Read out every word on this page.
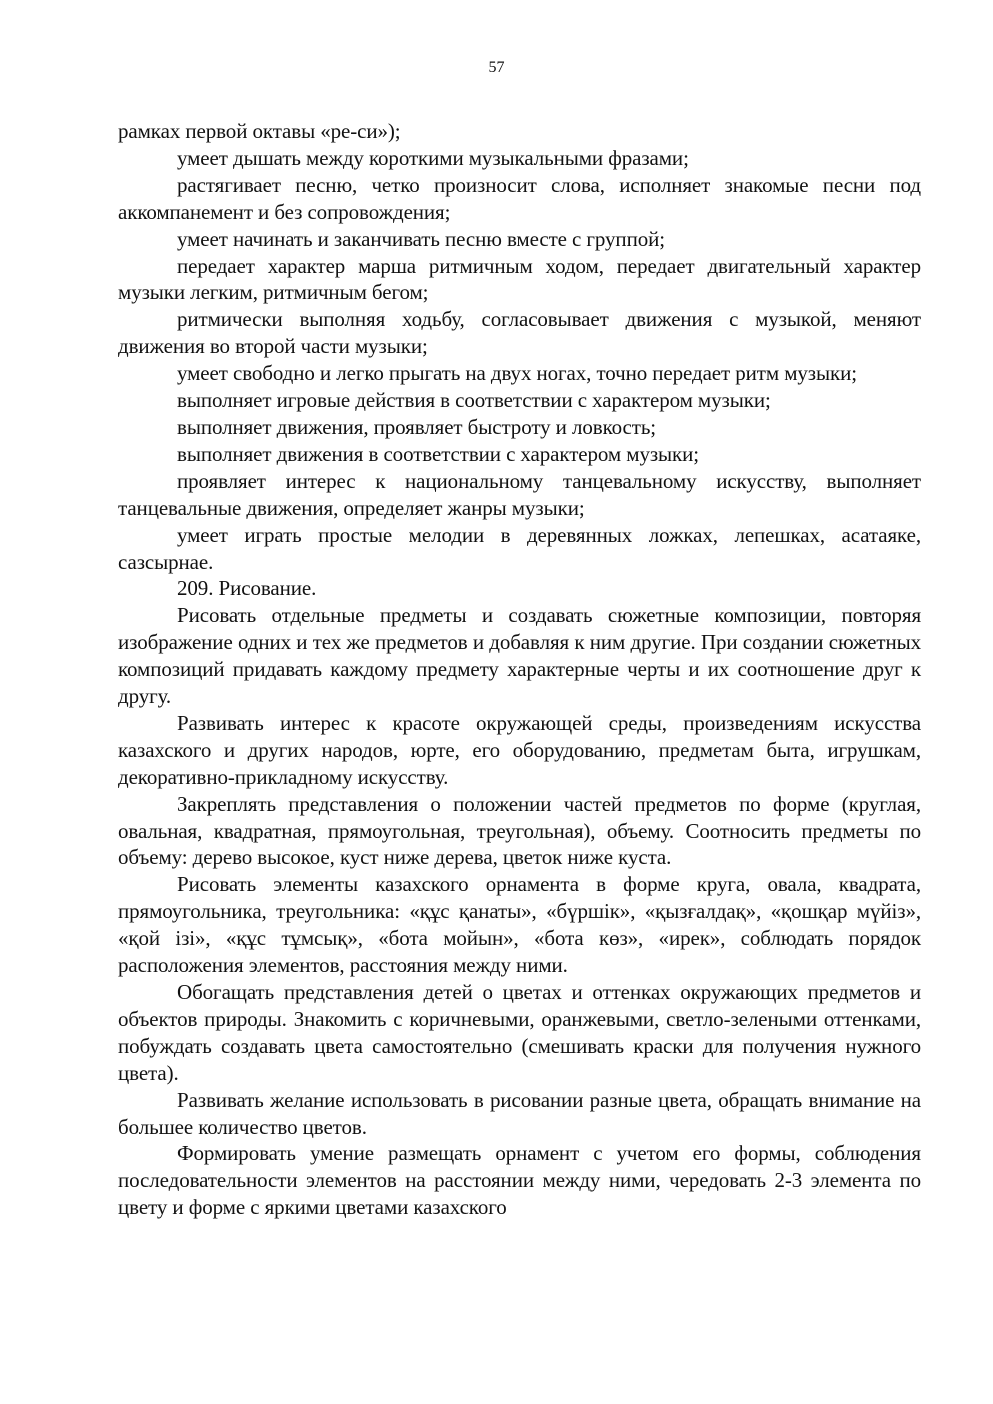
57

рамках первой октавы «ре-си»);

умеет дышать между короткими музыкальными фразами;

растягивает песню, четко произносит слова, исполняет знакомые песни под аккомпанемент и без сопровождения;

умеет начинать и заканчивать песню вместе с группой;

передает характер марша ритмичным ходом, передает двигательный характер музыки легким, ритмичным бегом;

ритмически выполняя ходьбу, согласовывает движения с музыкой, меняют движения во второй части музыки;

умеет свободно и легко прыгать на двух ногах, точно передает ритм музыки;

выполняет игровые действия в соответствии с характером музыки;

выполняет движения, проявляет быстроту и ловкость;

выполняет движения в соответствии с характером музыки;

проявляет интерес к национальному танцевальному искусству, выполняет танцевальные движения, определяет жанры музыки;

умеет играть простые мелодии в деревянных ложках, лепешках, асатаяке, сазсырнае.

209. Рисование.

Рисовать отдельные предметы и создавать сюжетные композиции, повторяя изображение одних и тех же предметов и добавляя к ним другие. При создании сюжетных композиций придавать каждому предмету характерные черты и их соотношение друг к другу.

Развивать интерес к красоте окружающей среды, произведениям искусства казахского и других народов, юрте, его оборудованию, предметам быта, игрушкам, декоративно-прикладному искусству.

Закреплять представления о положении частей предметов по форме (круглая, овальная, квадратная, прямоугольная, треугольная), объему. Соотносить предметы по объему: дерево высокое, куст ниже дерева, цветок ниже куста.

Рисовать элементы казахского орнамента в форме круга, овала, квадрата, прямоугольника, треугольника: «құс қанаты», «бүршік», «қызғалдақ», «қошқар мүйіз», «қой ізі», «құс тұмсық», «бота мойын», «бота көз», «ирек», соблюдать порядок расположения элементов, расстояния между ними.

Обогащать представления детей о цветах и оттенках окружающих предметов и объектов природы. Знакомить с коричневыми, оранжевыми, светло-зелеными оттенками, побуждать создавать цвета самостоятельно (смешивать краски для получения нужного цвета).

Развивать желание использовать в рисовании разные цвета, обращать внимание на большее количество цветов.

Формировать умение размещать орнамент с учетом его формы, соблюдения последовательности элементов на расстоянии между ними, чередовать 2-3 элемента по цвету и форме с яркими цветами казахского
